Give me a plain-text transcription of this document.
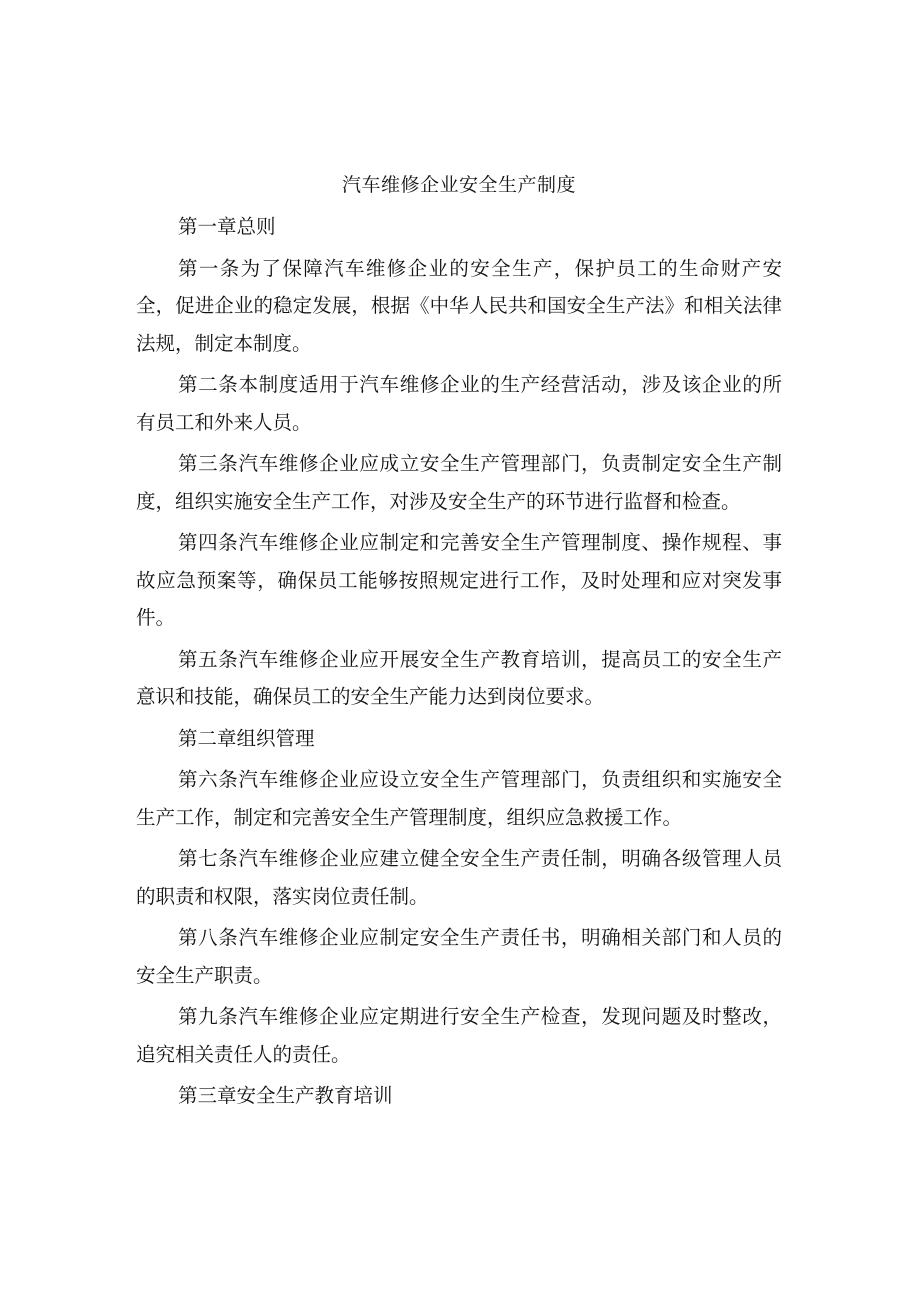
汽车维修企业安全生产制度
第一章总则

第一条为了保障汽车维修企业的安全生产，保护员工的生命财产安全，促进企业的稳定发展，根据《中华人民共和国安全生产法》和相关法律法规，制定本制度。

第二条本制度适用于汽车维修企业的生产经营活动，涉及该企业的所有员工和外来人员。

第三条汽车维修企业应成立安全生产管理部门，负责制定安全生产制度，组织实施安全生产工作，对涉及安全生产的环节进行监督和检查。

第四条汽车维修企业应制定和完善安全生产管理制度、操作规程、事故应急预案等，确保员工能够按照规定进行工作，及时处理和应对突发事件。

第五条汽车维修企业应开展安全生产教育培训，提高员工的安全生产意识和技能，确保员工的安全生产能力达到岗位要求。

第二章组织管理

第六条汽车维修企业应设立安全生产管理部门，负责组织和实施安全生产工作，制定和完善安全生产管理制度，组织应急救援工作。

第七条汽车维修企业应建立健全安全生产责任制，明确各级管理人员的职责和权限，落实岗位责任制。

第八条汽车维修企业应制定安全生产责任书，明确相关部门和人员的安全生产职责。

第九条汽车维修企业应定期进行安全生产检查，发现问题及时整改，追究相关责任人的责任。

第三章安全生产教育培训
